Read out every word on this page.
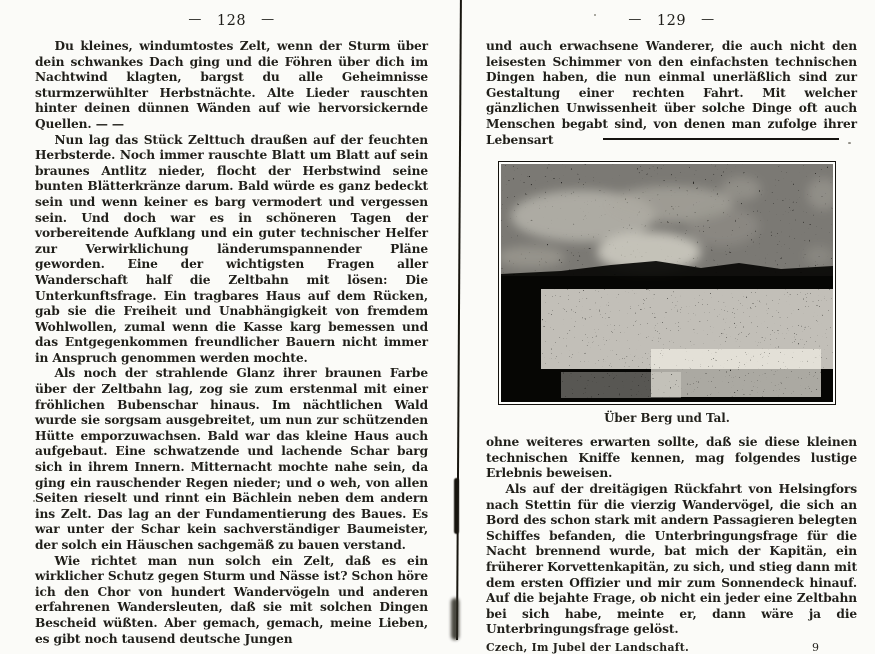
— 128 —

Du kleines, windumtostes Zelt, wenn der Sturm über dein schwankes Dach ging und die Föhren über dich im Nachtwind klagten, bargst du alle Geheimnisse sturmzerwühlter Herbstnächte. Alte Lieder rauschten hinter deinen dünnen Wänden auf wie hervorsickernde Quellen. — —

Nun lag das Stück Zelttuch draußen auf der feuchten Herbsterde. Noch immer rauschte Blatt um Blatt auf sein braunes Antlitz nieder, flocht der Herbstwind seine bunten Blätterkränze darum. Bald würde es ganz bedeckt sein und wenn keiner es barg vermodert und vergessen sein. Und doch war es in schöneren Tagen der vorbereitende Aufklang und ein guter technischer Helfer zur Verwirklichung länderumspannender Pläne geworden. Eine der wichtigsten Fragen aller Wanderschaft half die Zeltbahn mit lösen: Die Unterkunftsfrage. Ein tragbares Haus auf dem Rücken, gab sie die Freiheit und Unabhängigkeit von fremdem Wohlwollen, zumal wenn die Kasse karg bemessen und das Entgegenkommen freundlicher Bauern nicht immer in Anspruch genommen werden mochte.

Als noch der strahlende Glanz ihrer braunen Farbe über der Zeltbahn lag, zog sie zum erstenmal mit einer fröhlichen Bubenschar hinaus. Im nächtlichen Wald wurde sie sorgsam ausgebreitet, um nun zur schützenden Hütte emporzuwachsen. Bald war das kleine Haus auch aufgebaut. Eine schwatzende und lachende Schar barg sich in ihrem Innern. Mitternacht mochte nahe sein, da ging ein rauschender Regen nieder; und o weh, von allen Seiten rieselt und rinnt ein Bächlein neben dem andern ins Zelt. Das lag an der Fundamentierung des Baues. Es war unter der Schar kein sachverständiger Baumeister, der solch ein Häuschen sachgemäß zu bauen verstand.

Wie richtet man nun solch ein Zelt, daß es ein wirklicher Schutz gegen Sturm und Nässe ist? Schon höre ich den Chor von hundert Wandervögeln und anderen erfahrenen Wandersleuten, daß sie mit solchen Dingen Bescheid wüßten. Aber gemach, gemach, meine Lieben, es gibt noch tausend deutsche Jungen

— 129 —

und auch erwachsene Wanderer, die auch nicht den leisesten Schimmer von den einfachsten technischen Dingen haben, die nun einmal unerläßlich sind zur Gestaltung einer rechten Fahrt. Mit welcher gänzlichen Unwissenheit über solche Dinge oft auch Menschen begabt sind, von denen man zufolge ihrer Lebensart

Über Berg und Tal.

ohne weiteres erwarten sollte, daß sie diese kleinen technischen Kniffe kennen, mag folgendes lustige Erlebnis beweisen.

Als auf der dreitägigen Rückfahrt von Helsingfors nach Stettin für die vierzig Wandervögel, die sich an Bord des schon stark mit andern Passagieren belegten Schiffes befanden, die Unterbringungsfrage für die Nacht brennend wurde, bat mich der Kapitän, ein früherer Korvettenkapitän, zu sich, und stieg dann mit dem ersten Offizier und mir zum Sonnendeck hinauf. Auf die bejahte Frage, ob nicht ein jeder eine Zeltbahn bei sich habe, meinte er, dann wäre ja die Unterbringungsfrage gelöst.

Czech, Im Jubel der Landschaft.	9
